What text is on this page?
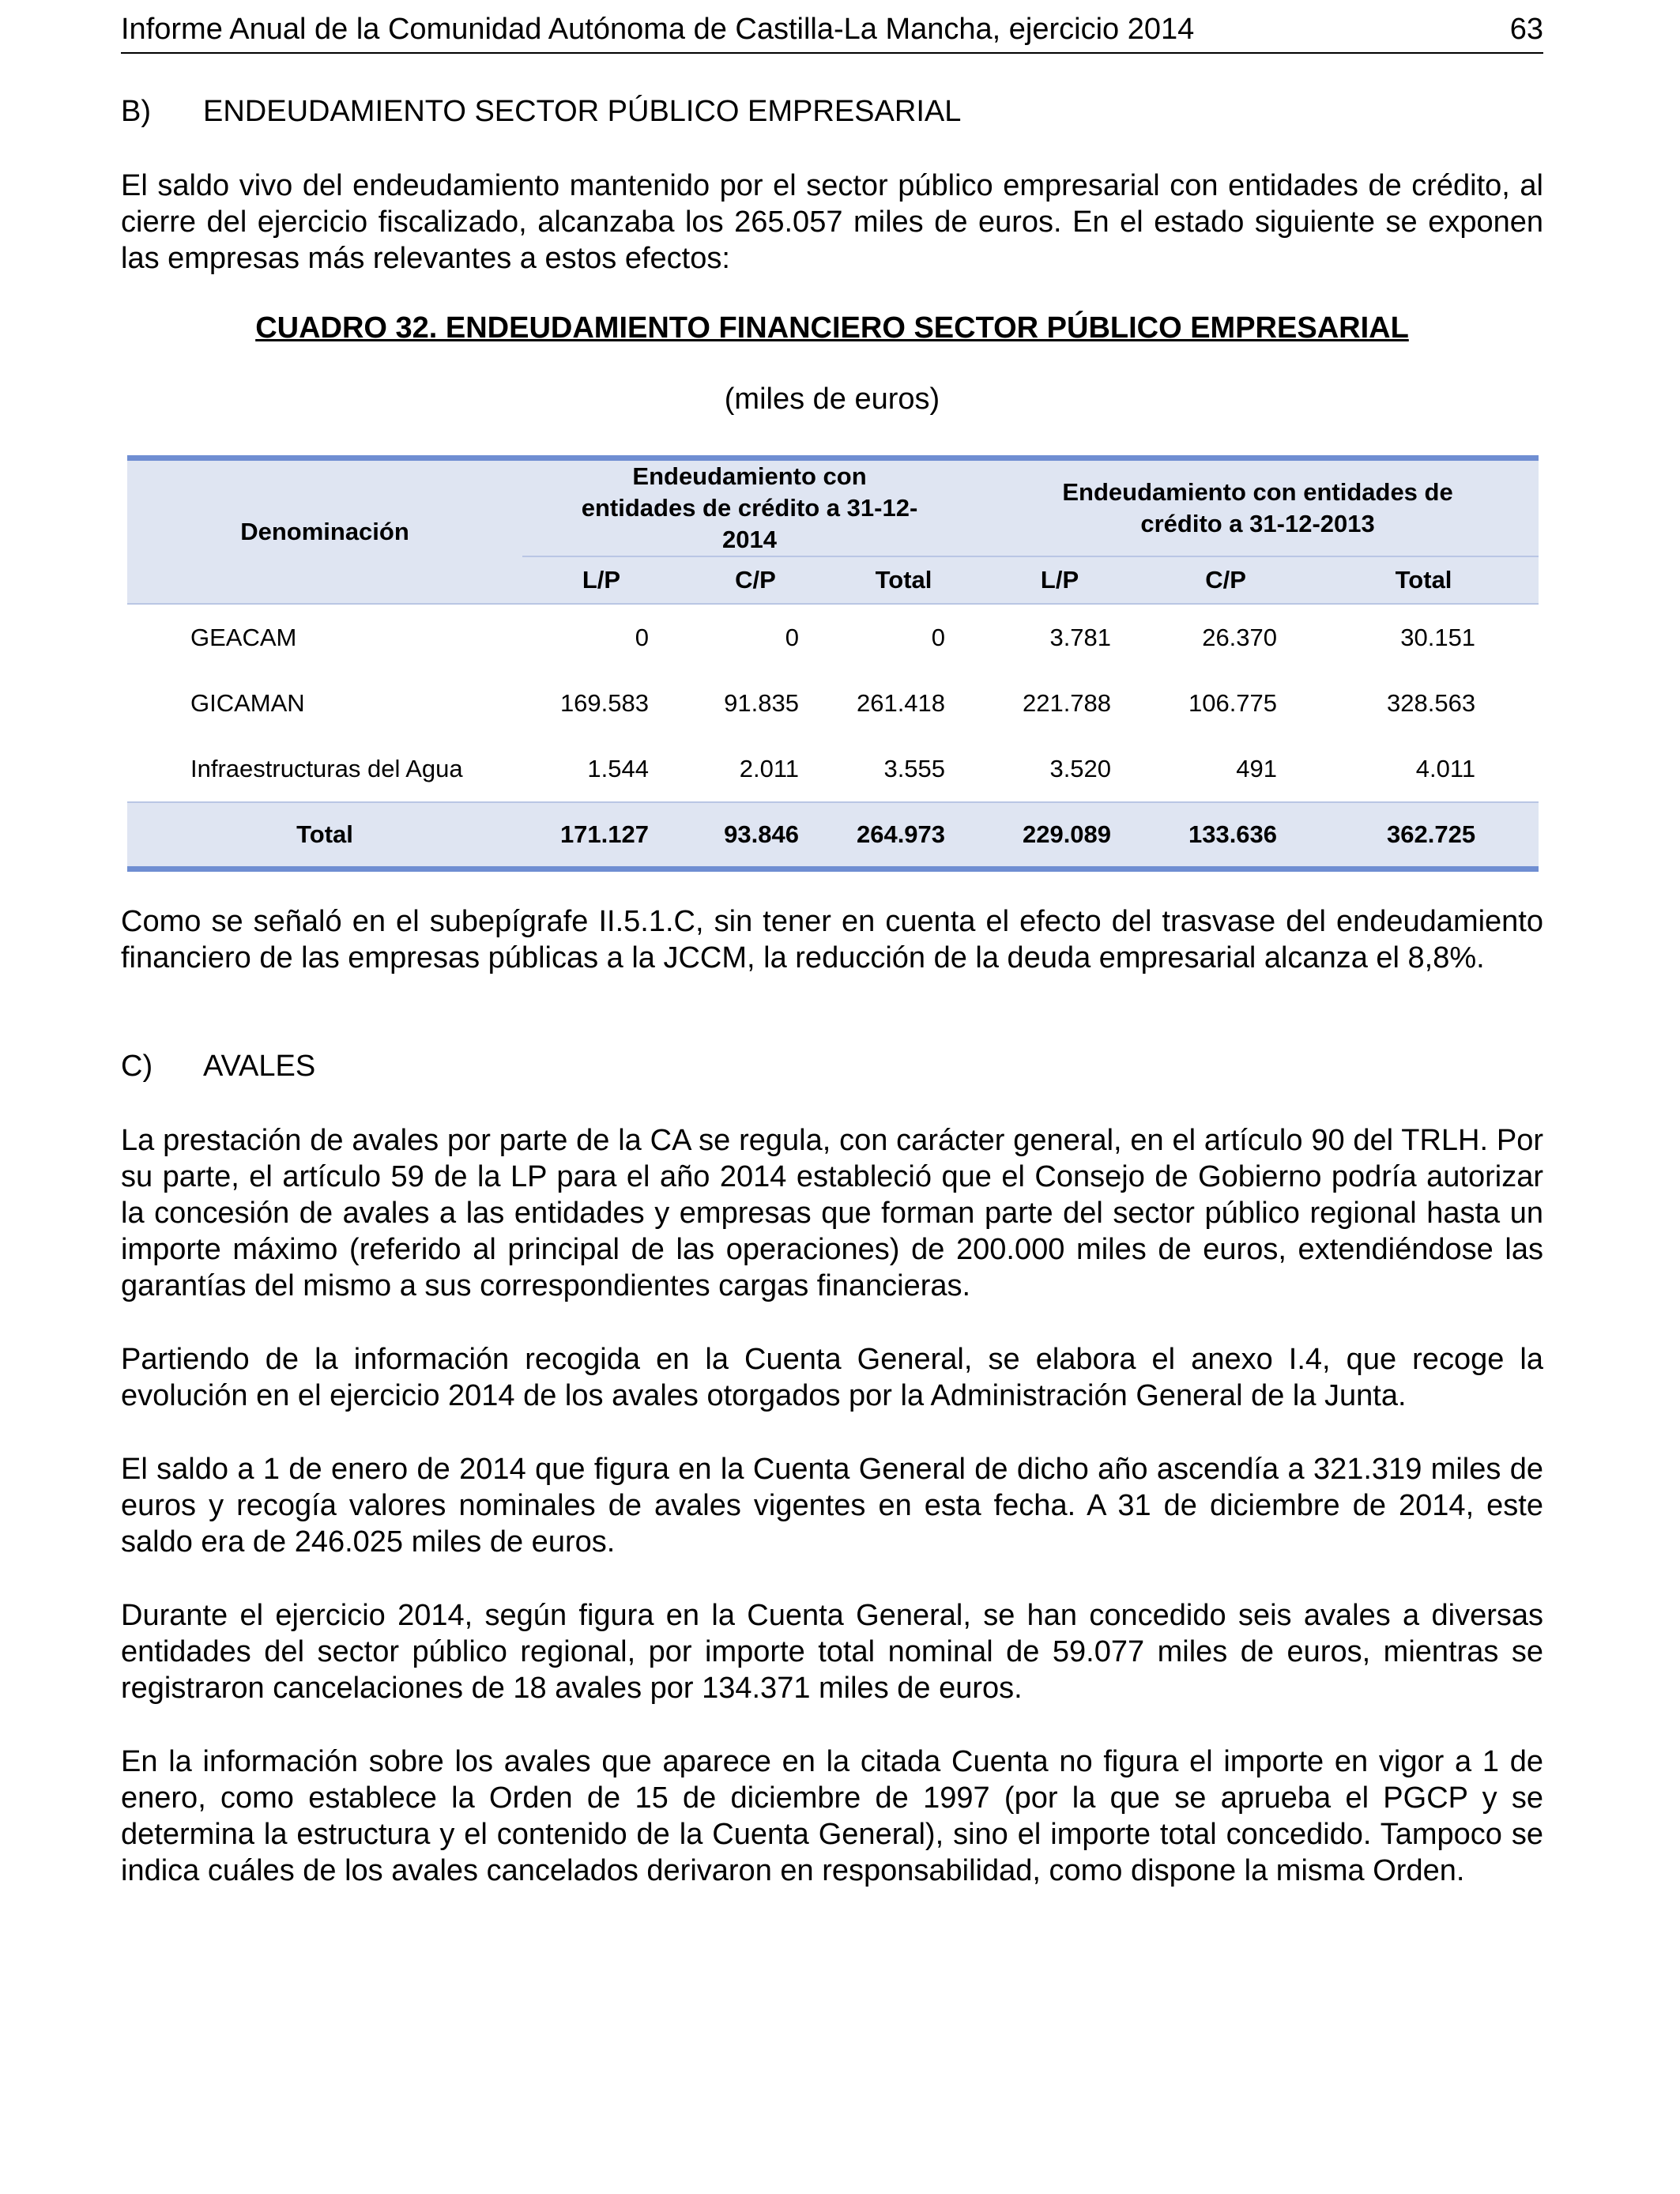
Informe Anual de la Comunidad Autónoma de Castilla-La Mancha, ejercicio 2014	63
B) ENDEUDAMIENTO SECTOR PÚBLICO EMPRESARIAL

El saldo vivo del endeudamiento mantenido por el sector público empresarial con entidades de crédito, al cierre del ejercicio fiscalizado, alcanzaba los 265.057 miles de euros. En el estado siguiente se exponen las empresas más relevantes a estos efectos:

CUADRO 32. ENDEUDAMIENTO FINANCIERO SECTOR PÚBLICO EMPRESARIAL
(miles de euros)
Denominación	Endeudamiento con entidades de crédito a 31-12-2014			Endeudamiento con entidades de crédito a 31-12-2013		
	L/P	C/P	Total	L/P	C/P	Total
GEACAM	0	0	0	3.781	26.370	30.151
GICAMAN	169.583	91.835	261.418	221.788	106.775	328.563
Infraestructuras del Agua	1.544	2.011	3.555	3.520	491	4.011
Total	171.127	93.846	264.973	229.089	133.636	362.725

Como se señaló en el subepígrafe II.5.1.C, sin tener en cuenta el efecto del trasvase del endeudamiento financiero de las empresas públicas a la JCCM, la reducción de la deuda empresarial alcanza el 8,8%.

C) AVALES

La prestación de avales por parte de la CA se regula, con carácter general, en el artículo 90 del TRLH. Por su parte, el artículo 59 de la LP para el año 2014 estableció que el Consejo de Gobierno podría autorizar la concesión de avales a las entidades y empresas que forman parte del sector público regional hasta un importe máximo (referido al principal de las operaciones) de 200.000 miles de euros, extendiéndose las garantías del mismo a sus correspondientes cargas financieras.

Partiendo de la información recogida en la Cuenta General, se elabora el anexo I.4, que recoge la evolución en el ejercicio 2014 de los avales otorgados por la Administración General de la Junta.

El saldo a 1 de enero de 2014 que figura en la Cuenta General de dicho año ascendía a 321.319 miles de euros y recogía valores nominales de avales vigentes en esta fecha. A 31 de diciembre de 2014, este saldo era de 246.025 miles de euros.

Durante el ejercicio 2014, según figura en la Cuenta General, se han concedido seis avales a diversas entidades del sector público regional, por importe total nominal de 59.077 miles de euros, mientras se registraron cancelaciones de 18 avales por 134.371 miles de euros.

En la información sobre los avales que aparece en la citada Cuenta no figura el importe en vigor a 1 de enero, como establece la Orden de 15 de diciembre de 1997 (por la que se aprueba el PGCP y se determina la estructura y el contenido de la Cuenta General), sino el importe total concedido. Tampoco se indica cuáles de los avales cancelados derivaron en responsabilidad, como dispone la misma Orden.
